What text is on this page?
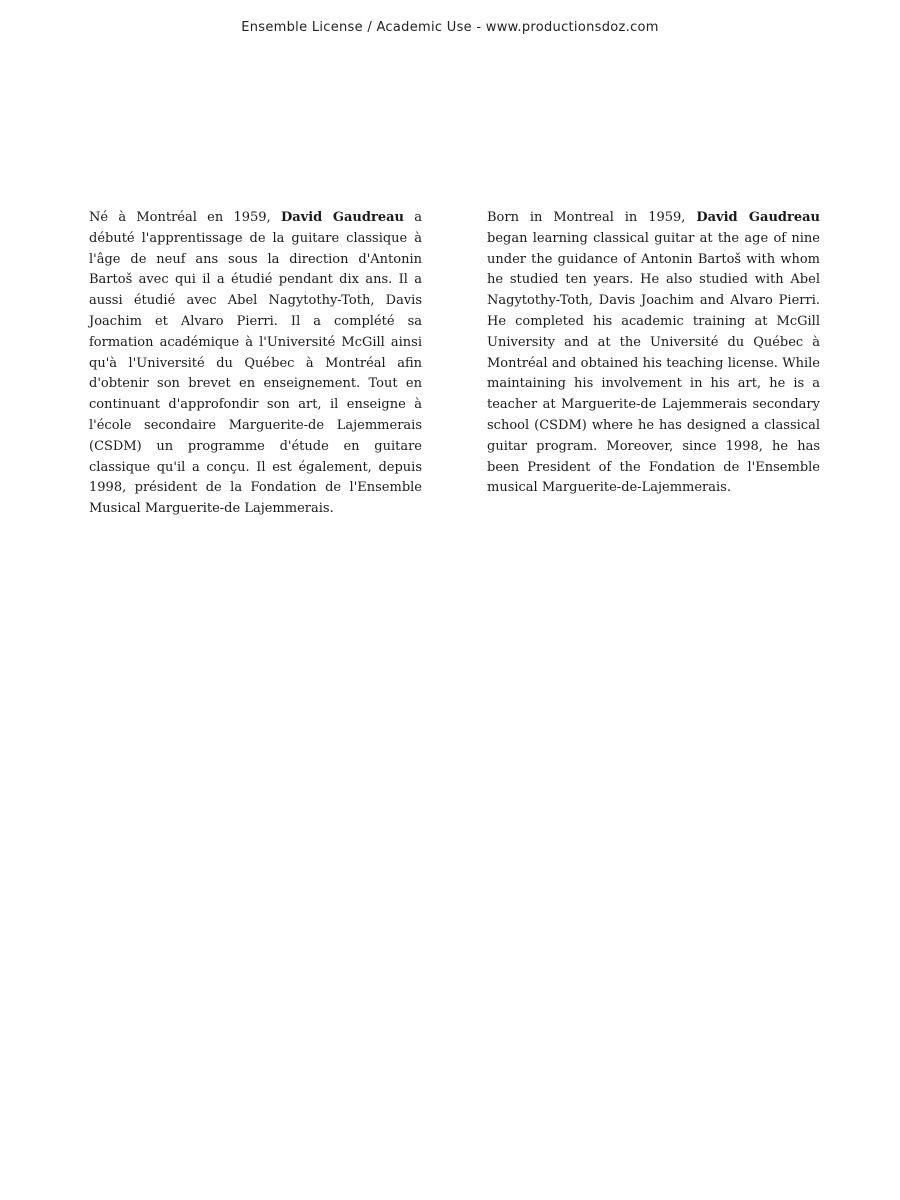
Ensemble License / Academic Use - www.productionsdoz.com
Né à Montréal en 1959, David Gaudreau a débuté l'apprentissage de la guitare classique à l'âge de neuf ans sous la direction d'Antonin Bartoš avec qui il a étudié pendant dix ans. Il a aussi étudié avec Abel Nagytothy-Toth, Davis Joachim et Alvaro Pierri. Il a complété sa formation académique à l'Université McGill ainsi qu'à l'Université du Québec à Montréal afin d'obtenir son brevet en enseignement. Tout en continuant d'approfondir son art, il enseigne à l'école secondaire Marguerite-de Lajemmerais (CSDM) un programme d'étude en guitare classique qu'il a conçu. Il est également, depuis 1998, président de la Fondation de l'Ensemble Musical Marguerite-de Lajemmerais.
Born in Montreal in 1959, David Gaudreau began learning classical guitar at the age of nine under the guidance of Antonin Bartoš with whom he studied ten years. He also studied with Abel Nagytothy-Toth, Davis Joachim and Alvaro Pierri. He completed his academic training at McGill University and at the Université du Québec à Montréal and obtained his teaching license. While maintaining his involvement in his art, he is a teacher at Marguerite-de Lajemmerais secondary school (CSDM) where he has designed a classical guitar program. Moreover, since 1998, he has been President of the Fondation de l'Ensemble musical Marguerite-de-Lajemmerais.
